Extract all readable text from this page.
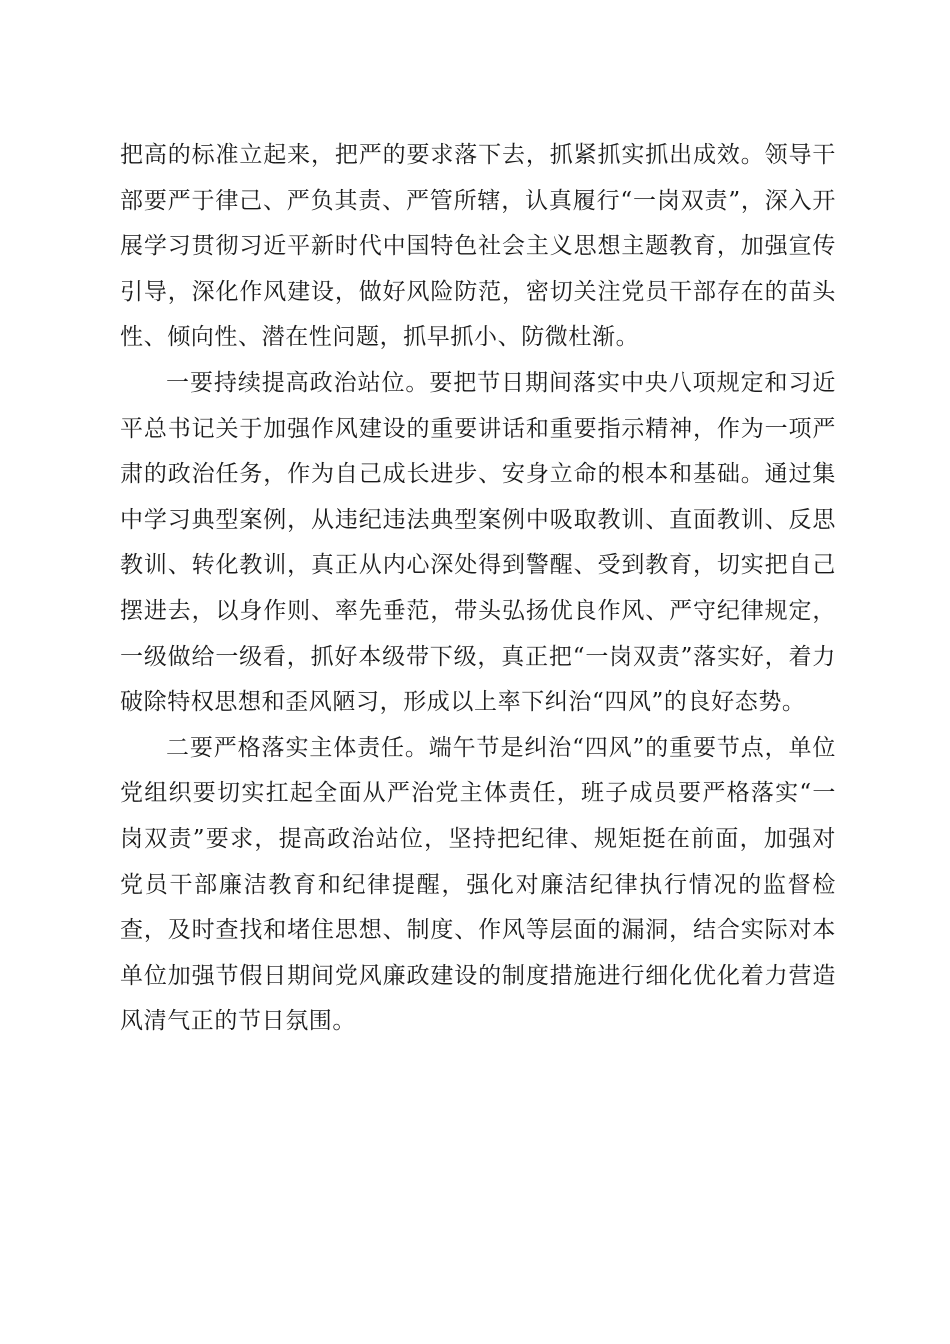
把高的标准立起来，把严的要求落下去，抓紧抓实抓出成效。领导干部要严于律己、严负其责、严管所辖，认真履行“一岗双责”，深入开展学习贯彻习近平新时代中国特色社会主义思想主题教育，加强宣传引导，深化作风建设，做好风险防范，密切关注党员干部存在的苗头性、倾向性、潜在性问题，抓早抓小、防微杜渐。

一要持续提高政治站位。要把节日期间落实中央八项规定和习近平总书记关于加强作风建设的重要讲话和重要指示精神，作为一项严肃的政治任务，作为自己成长进步、安身立命的根本和基础。通过集中学习典型案例，从违纪违法典型案例中吸取教训、直面教训、反思教训、转化教训，真正从内心深处得到警醒、受到教育，切实把自己摆进去，以身作则、率先垂范，带头弘扬优良作风、严守纪律规定，一级做给一级看，抓好本级带下级，真正把“一岗双责”落实好，着力破除特权思想和歪风陋习，形成以上率下纠治“四风”的良好态势。

二要严格落实主体责任。端午节是纠治“四风”的重要节点，单位党组织要切实扛起全面从严治党主体责任，班子成员要严格落实“一岗双责”要求，提高政治站位，坚持把纪律、规矩挺在前面，加强对党员干部廉洁教育和纪律提醒，强化对廉洁纪律执行情况的监督检查，及时查找和堵住思想、制度、作风等层面的漏洞，结合实际对本单位加强节假日期间党风廉政建设的制度措施进行细化优化着力营造风清气正的节日氛围。
